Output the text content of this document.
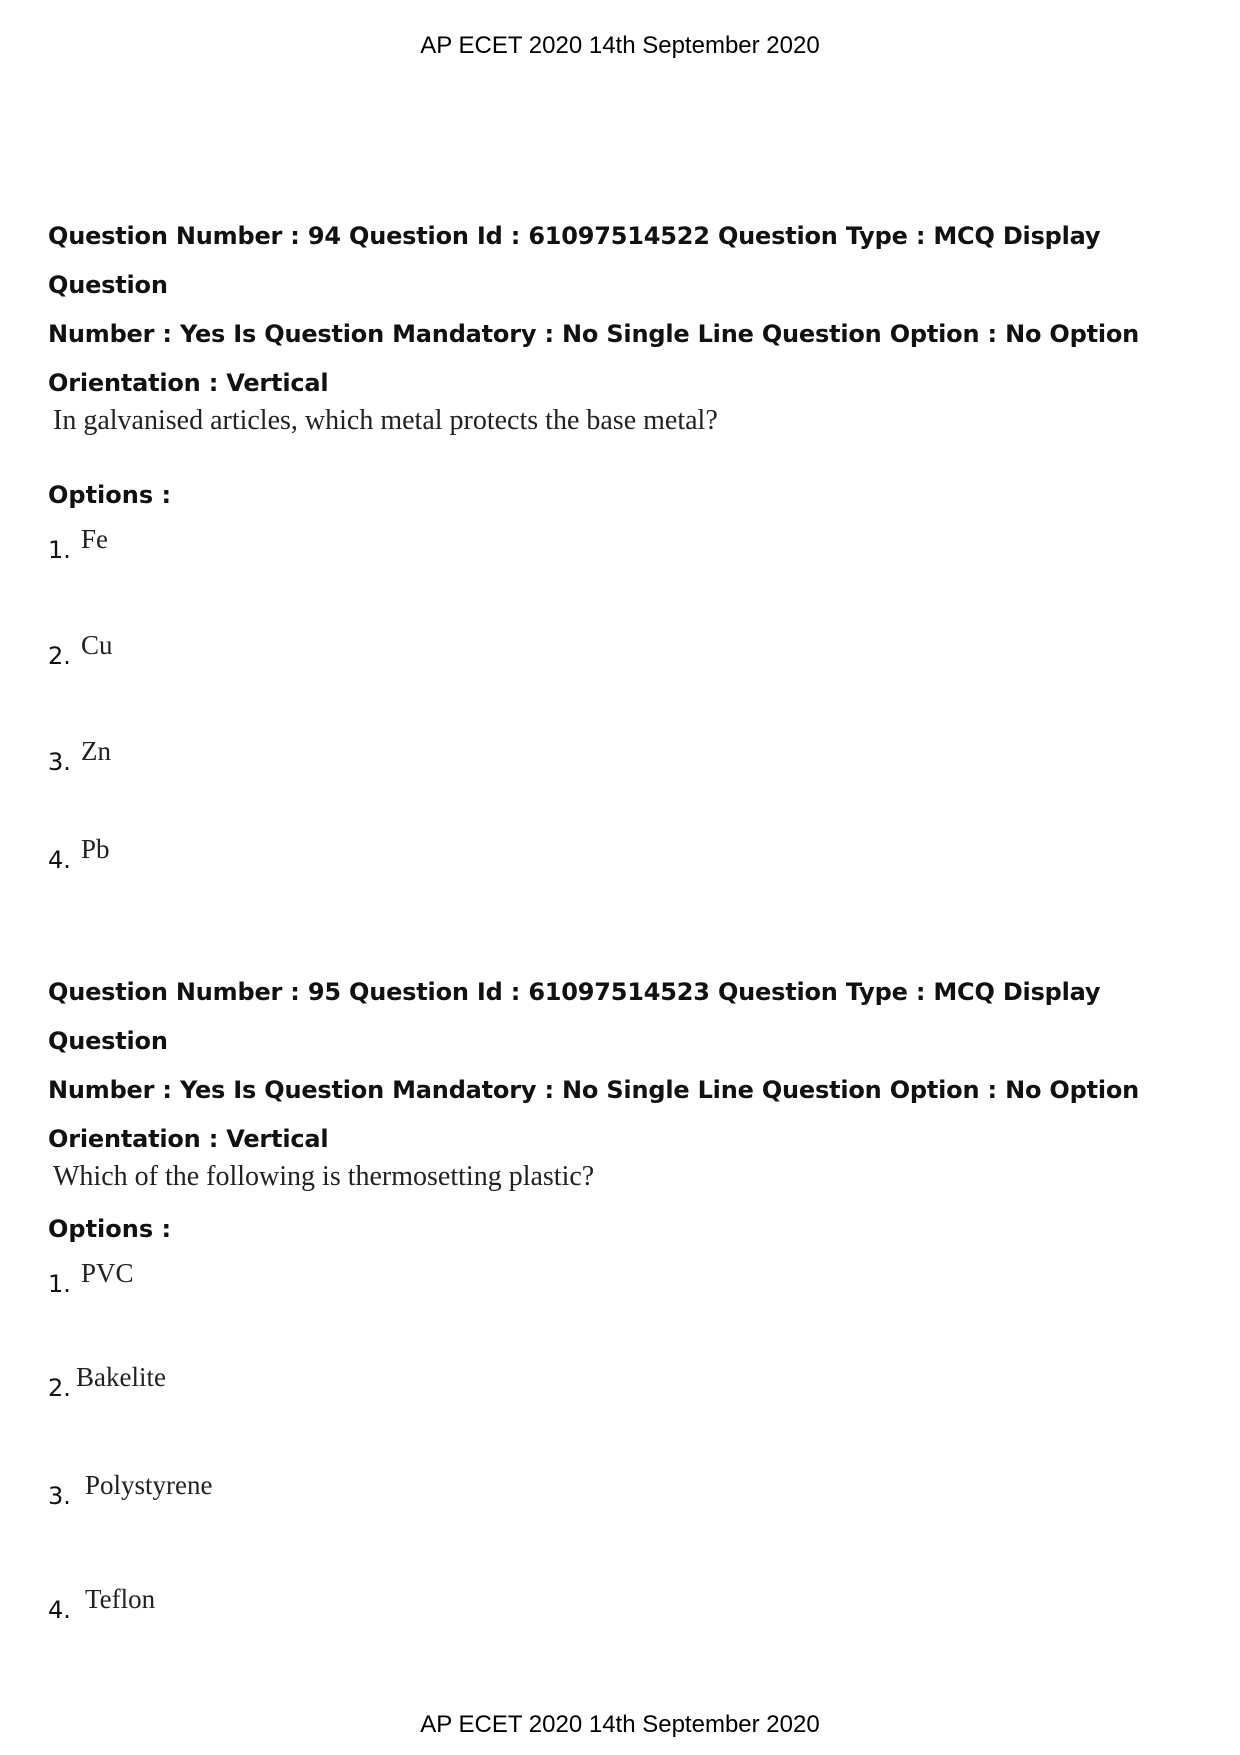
AP ECET 2020 14th September 2020

Question Number : 94 Question Id : 61097514522 Question Type : MCQ Display Question

Number : Yes Is Question Mandatory : No Single Line Question Option : No Option

Orientation : Vertical

In galvanised articles, which metal protects the base metal?

Options :

1. Fe
2. Cu
3. Zn
4. Pb

Question Number : 95 Question Id : 61097514523 Question Type : MCQ Display Question

Number : Yes Is Question Mandatory : No Single Line Question Option : No Option

Orientation : Vertical

Which of the following is thermosetting plastic?

Options :

1. PVC
2. Bakelite
3. Polystyrene
4. Teflon
AP ECET 2020 14th September 2020
